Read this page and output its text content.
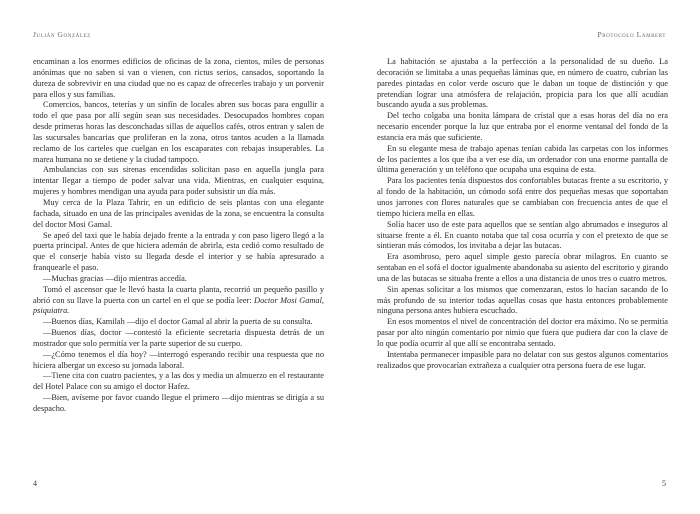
Julián González

encaminan a los enormes edificios de oficinas de la zona, cientos, miles de personas anónimas que no saben si van o vienen, con rictus serios, cansados, soportando la dureza de sobrevivir en una ciudad que no es capaz de ofrecerles trabajo y un porvenir para ellos y sus familias.

Comercios, bancos, teterías y un sinfín de locales abren sus bocas para engullir a todo el que pasa por allí según sean sus necesidades. Desocupados hombres copan desde primeras horas las desconchadas sillas de aquellos cafés, otros entran y salen de las sucursales bancarias que proliferan en la zona, otros tantos acuden a la llamada reclamo de los carteles que cuelgan en los escaparates con rebajas insuperables. La marea humana no se detiene y la ciudad tampoco.

Ambulancias con sus sirenas encendidas solicitan paso en aquella jungla para intentar llegar a tiempo de poder salvar una vida. Mientras, en cualquier esquina, mujeres y hombres mendigan una ayuda para poder subsistir un día más.

Muy cerca de la Plaza Tahrir, en un edificio de seis plantas con una elegante fachada, situado en una de las principales avenidas de la zona, se encuentra la consulta del doctor Mosi Gamal.

Se apeó del taxi que le había dejado frente a la entrada y con paso ligero llegó a la puerta principal. Antes de que hiciera ademán de abrirla, esta cedió como resultado de que el conserje había visto su llegada desde el interior y se había apresurado a franquearle el paso.

—Muchas gracias —dijo mientras accedía.

Tomó el ascensor que le llevó hasta la cuarta planta, recorrió un pequeño pasillo y abrió con su llave la puerta con un cartel en el que se podía leer: Doctor Mosi Gamal, psiquiatra.

—Buenos días, Kamilah —dijo el doctor Gamal al abrir la puerta de su consulta.

—Buenos días, doctor —contestó la eficiente secretaria dispuesta detrás de un mostrador que solo permitía ver la parte superior de su cuerpo.

—¿Cómo tenemos el día hoy? —interrogó esperando recibir una respuesta que no hiciera albergar un exceso su jornada laboral.

—Tiene cita con cuatro pacientes, y a las dos y media un almuerzo en el restaurante del Hotel Palace con su amigo el doctor Hafez.

—Bien, avíseme por favor cuando llegue el primero —dijo mientras se dirigía a su despacho.

4
Protocolo Lambert

La habitación se ajustaba a la perfección a la personalidad de su dueño. La decoración se limitaba a unas pequeñas láminas que, en número de cuatro, cubrían las paredes pintadas en color verde oscuro que le daban un toque de distinción y que pretendían lograr una atmósfera de relajación, propicia para los que allí acudían buscando ayuda a sus problemas.

Del techo colgaba una bonita lámpara de cristal que a esas horas del día no era necesario encender porque la luz que entraba por el enorme ventanal del fondo de la estancia era más que suficiente.

En su elegante mesa de trabajo apenas tenían cabida las carpetas con los informes de los pacientes a los que iba a ver ese día, un ordenador con una enorme pantalla de última generación y un teléfono que ocupaba una esquina de esta.

Para los pacientes tenía dispuestos dos confortables butacas frente a su escritorio, y al fondo de la habitación, un cómodo sofá entre dos pequeñas mesas que soportaban unos jarrones con flores naturales que se cambiaban con frecuencia antes de que el tiempo hiciera mella en ellas.

Solía hacer uso de este para aquellos que se sentían algo abrumados e inseguros al situarse frente a él. En cuanto notaba que tal cosa ocurría y con el pretexto de que se sintieran más cómodos, los invitaba a dejar las butacas.

Era asombroso, pero aquel simple gesto parecía obrar milagros. En cuanto se sentaban en el sofá el doctor igualmente abandonaba su asiento del escritorio y girando una de las butacas se situaba frente a ellos a una distancia de unos tres o cuatro metros.

Sin apenas solicitar a los mismos que comenzaran, estos lo hacían sacando de lo más profundo de su interior todas aquellas cosas que hasta entonces probablemente ninguna persona antes hubiera escuchado.

En esos momentos el nivel de concentración del doctor era máximo. No se permitía pasar por alto ningún comentario por nimio que fuera que pudiera dar con la clave de lo que podía ocurrir al que allí se encontraba sentado.

Intentaba permanecer impasible para no delatar con sus gestos algunos comentarios realizados que provocarían extrañeza a cualquier otra persona fuera de ese lugar.

5
